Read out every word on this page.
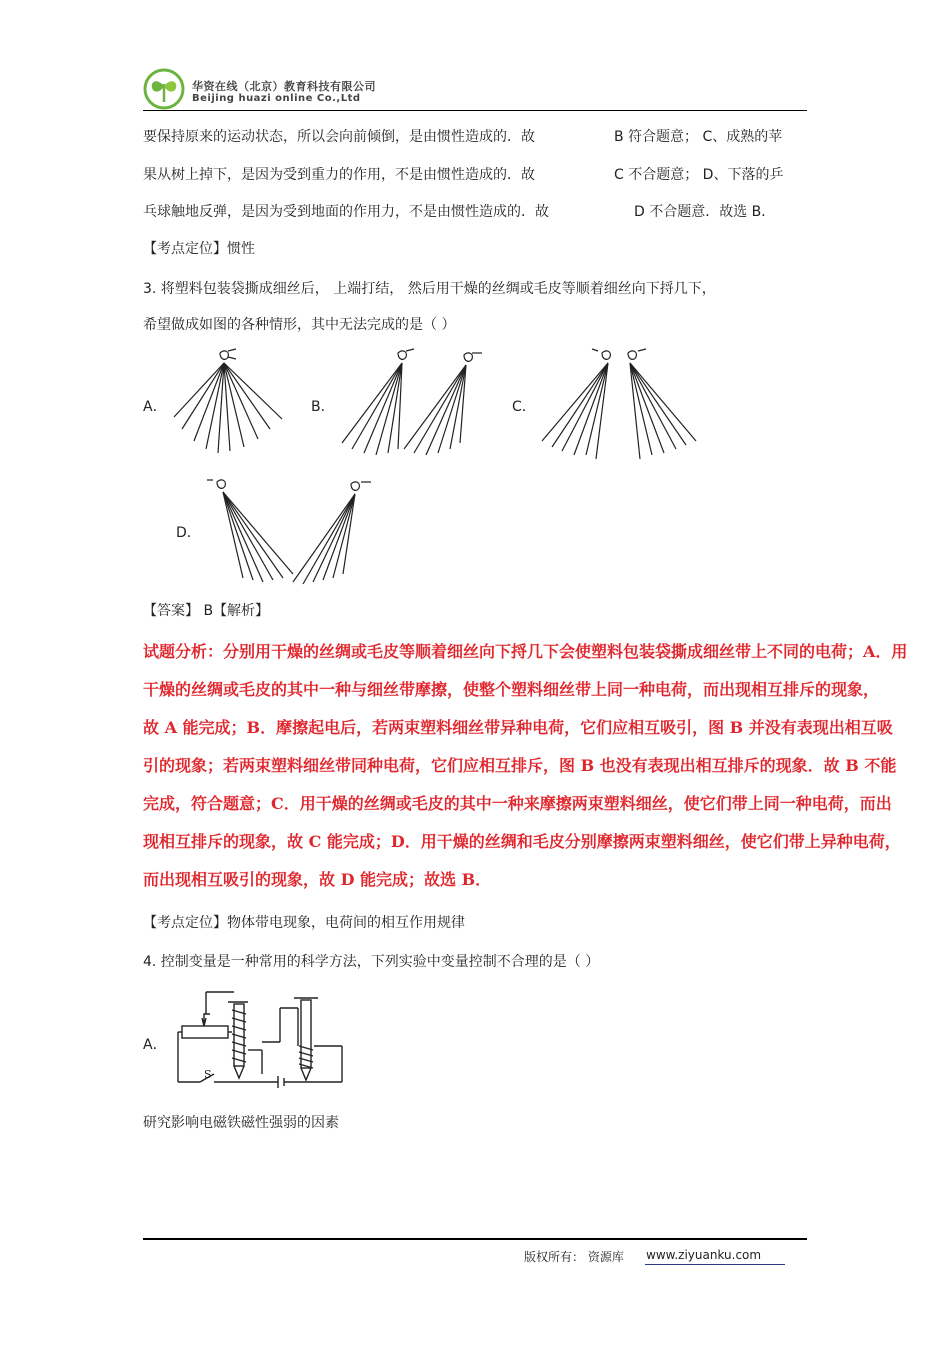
华资在线（北京）教育科技有限公司
Beijing huazi online Co.,Ltd
要保持原来的运动状态，所以会向前倾倒，是由惯性造成的．故	B 符合题意； C、成熟的苹
果从树上掉下，是因为受到重力的作用，不是由惯性造成的．故	C 不合题意； D、下落的乒
乓球触地反弹，是因为受到地面的作用力，不是由惯性造成的．故	D 不合题意．故选 B．
【考点定位】惯性
3. 将塑料包装袋撕成细丝后， 上端打结， 然后用干燥的丝绸或毛皮等顺着细丝向下捋几下，
希望做成如图的各种情形，其中无法完成的是（ ）
A．	B．	C．
D．
【答案】 B【解析】
试题分析：分别用干燥的丝绸或毛皮等顺着细丝向下捋几下会使塑料包装袋撕成细丝带上不同的电荷；A．用
干燥的丝绸或毛皮的其中一种与细丝带摩擦，使整个塑料细丝带上同一种电荷，而出现相互排斥的现象，
故 A 能完成；B．摩擦起电后，若两束塑料细丝带异种电荷，它们应相互吸引，图 B 并没有表现出相互吸
引的现象；若两束塑料细丝带同种电荷，它们应相互排斥，图 B 也没有表现出相互排斥的现象．故 B 不能
完成，符合题意；C．用干燥的丝绸或毛皮的其中一种来摩擦两束塑料细丝，使它们带上同一种电荷，而出
现相互排斥的现象，故 C 能完成；D．用干燥的丝绸和毛皮分别摩擦两束塑料细丝，使它们带上异种电荷，
而出现相互吸引的现象，故 D 能完成；故选 B．
【考点定位】物体带电现象，电荷间的相互作用规律
4. 控制变量是一种常用的科学方法，下列实验中变量控制不合理的是（ ）
A．
S
研究影响电磁铁磁性强弱的因素
版权所有： 资源库 www.ziyuanku.com
